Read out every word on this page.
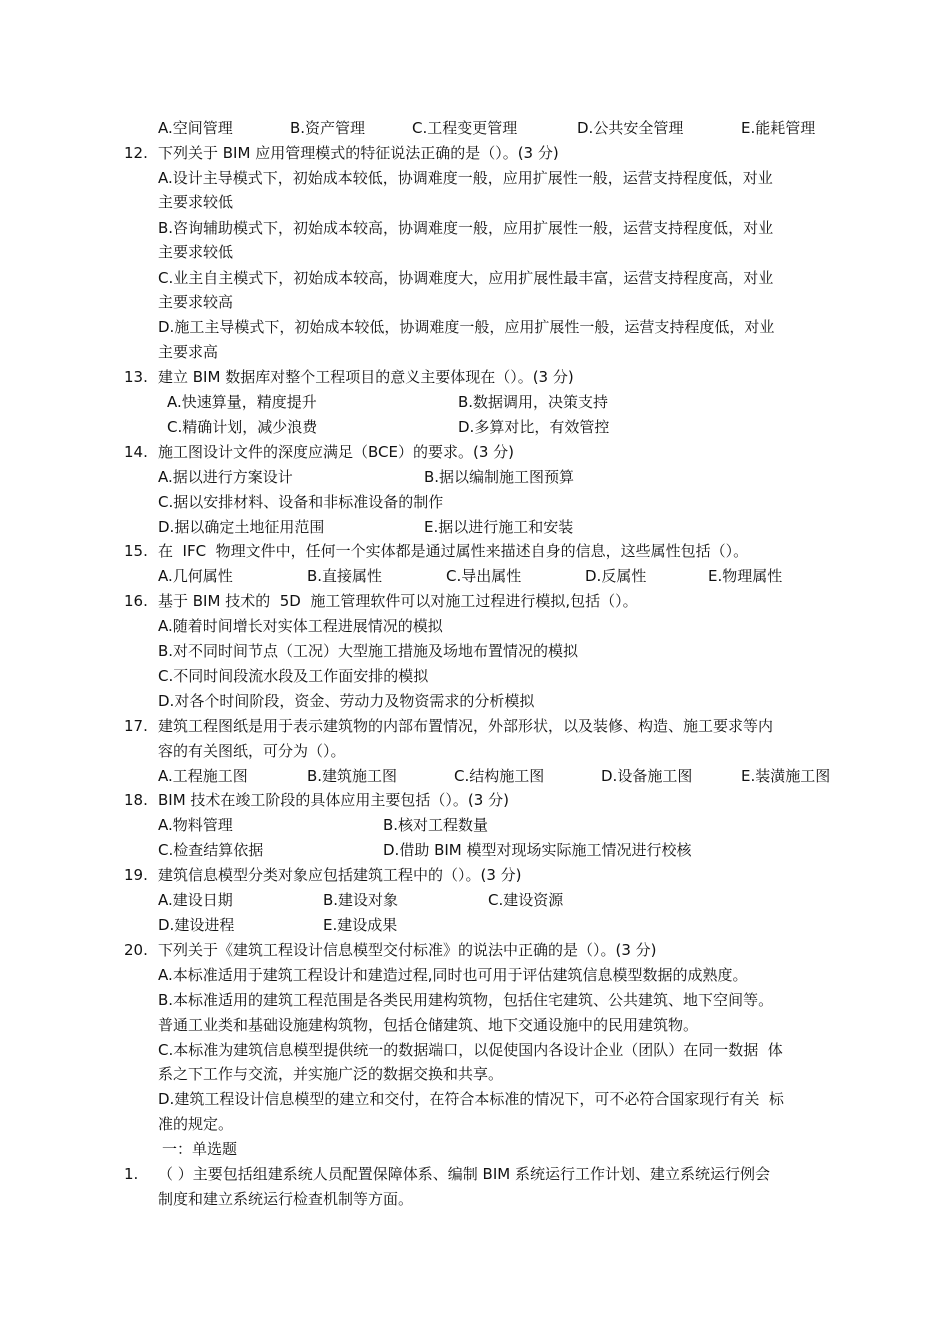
A.空间管理	B.资产管理	C.工程变更管理	D.公共安全管理	E.能耗管理
12. 下列关于 BIM 应用管理模式的特征说法正确的是（）。(3 分)
A.设计主导模式下，初始成本较低，协调难度一般，应用扩展性一般，运营支持程度低，对业
主要求较低
B.咨询辅助模式下，初始成本较高，协调难度一般，应用扩展性一般，运营支持程度低，对业
主要求较低
C.业主自主模式下，初始成本较高，协调难度大，应用扩展性最丰富，运营支持程度高，对业
主要求较高
D.施工主导模式下，初始成本较低，协调难度一般，应用扩展性一般，运营支持程度低，对业
主要求高
13. 建立 BIM 数据库对整个工程项目的意义主要体现在（）。(3 分)
A.快速算量，精度提升	B.数据调用，决策支持
C.精确计划，减少浪费	D.多算对比，有效管控
14. 施工图设计文件的深度应满足（BCE）的要求。(3 分)
A.据以进行方案设计	B.据以编制施工图预算
C.据以安排材料、设备和非标准设备的制作
D.据以确定土地征用范围	E.据以进行施工和安装
15. 在  IFC  物理文件中，任何一个实体都是通过属性来描述自身的信息，这些属性包括（）。
A.几何属性	B.直接属性	C.导出属性	D.反属性	E.物理属性
16. 基于 BIM 技术的  5D  施工管理软件可以对施工过程进行模拟,包括（）。
A.随着时间增长对实体工程进展情况的模拟
B.对不同时间节点（工况）大型施工措施及场地布置情况的模拟
C.不同时间段流水段及工作面安排的模拟
D.对各个时间阶段，资金、劳动力及物资需求的分析模拟
17. 建筑工程图纸是用于表示建筑物的内部布置情况，外部形状，以及装修、构造、施工要求等内
容的有关图纸，可分为（）。
A.工程施工图	B.建筑施工图	C.结构施工图	D.设备施工图	E.装潢施工图
18. BIM 技术在竣工阶段的具体应用主要包括（）。(3 分)
A.物料管理	B.核对工程数量
C.检查结算依据	D.借助 BIM 模型对现场实际施工情况进行校核
19. 建筑信息模型分类对象应包括建筑工程中的（）。(3 分)
A.建设日期	B.建设对象	C.建设资源
D.建设进程	E.建设成果
20. 下列关于《建筑工程设计信息模型交付标准》的说法中正确的是（）。(3 分)
A.本标准适用于建筑工程设计和建造过程,同时也可用于评估建筑信息模型数据的成熟度。
B.本标准适用的建筑工程范围是各类民用建构筑物，包括住宅建筑、公共建筑、地下空间等。
普通工业类和基础设施建构筑物，包括仓储建筑、地下交通设施中的民用建筑物。
C.本标准为建筑信息模型提供统一的数据端口，以促使国内各设计企业（团队）在同一数据  体
系之下工作与交流，并实施广泛的数据交换和共享。
D.建筑工程设计信息模型的建立和交付，在符合本标准的情况下，可不必符合国家现行有关  标
准的规定。
一：单选题
1. （ ）主要包括组建系统人员配置保障体系、编制 BIM 系统运行工作计划、建立系统运行例会
制度和建立系统运行检查机制等方面。
